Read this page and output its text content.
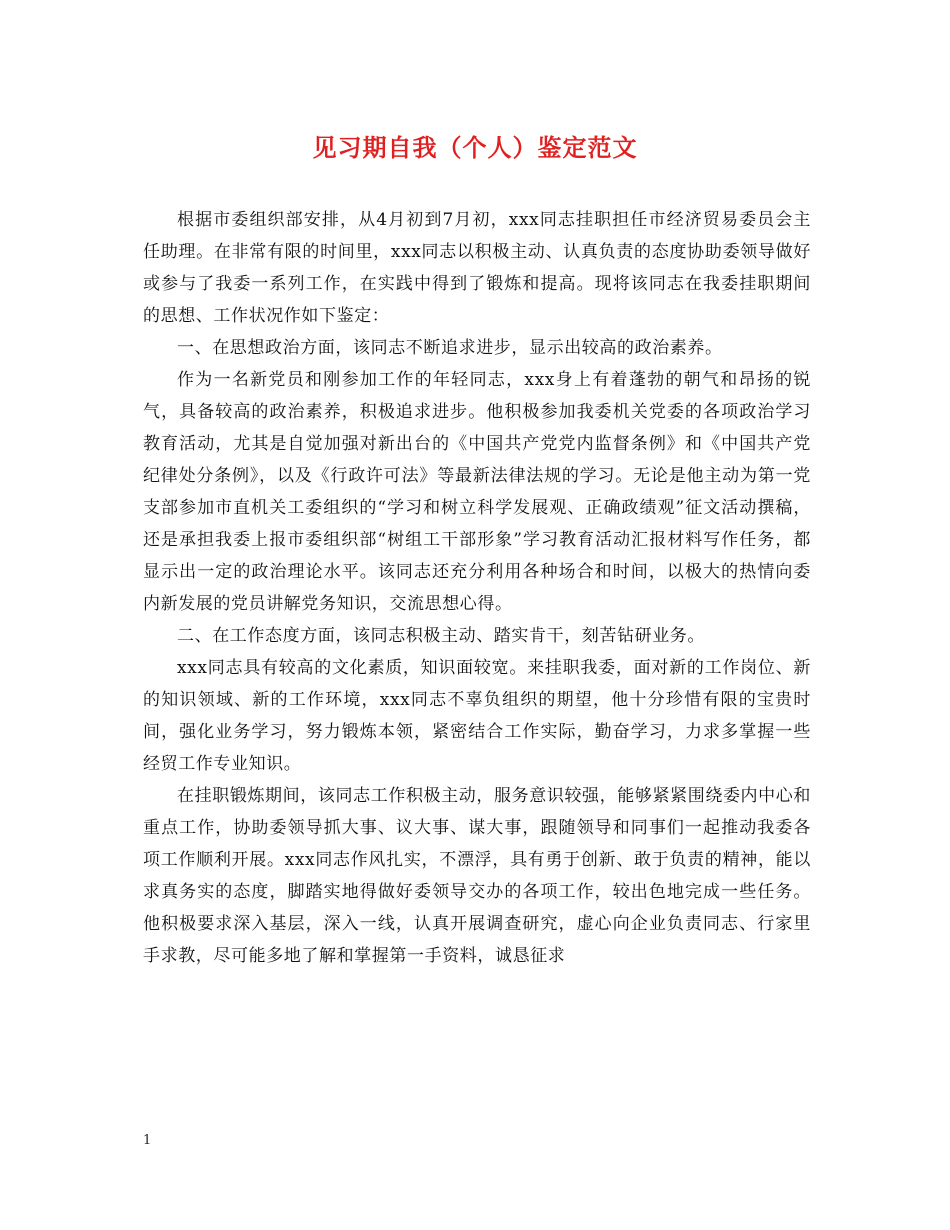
见习期自我（个人）鉴定范文

根据市委组织部安排，从4月初到7月初，xxx同志挂职担任市经济贸易委员会主任助理。在非常有限的时间里，xxx同志以积极主动、认真负责的态度协助委领导做好或参与了我委一系列工作，在实践中得到了锻炼和提高。现将该同志在我委挂职期间的思想、工作状况作如下鉴定：

一、在思想政治方面，该同志不断追求进步，显示出较高的政治素养。

作为一名新党员和刚参加工作的年轻同志，xxx身上有着蓬勃的朝气和昂扬的锐气，具备较高的政治素养，积极追求进步。他积极参加我委机关党委的各项政治学习教育活动，尤其是自觉加强对新出台的《中国共产党党内监督条例》和《中国共产党纪律处分条例》，以及《行政许可法》等最新法律法规的学习。无论是他主动为第一党支部参加市直机关工委组织的“学习和树立科学发展观、正确政绩观”征文活动撰稿，还是承担我委上报市委组织部“树组工干部形象”学习教育活动汇报材料写作任务，都显示出一定的政治理论水平。该同志还充分利用各种场合和时间，以极大的热情向委内新发展的党员讲解党务知识，交流思想心得。

二、在工作态度方面，该同志积极主动、踏实肯干，刻苦钻研业务。

xxx同志具有较高的文化素质，知识面较宽。来挂职我委，面对新的工作岗位、新的知识领域、新的工作环境，xxx同志不辜负组织的期望，他十分珍惜有限的宝贵时间，强化业务学习，努力锻炼本领，紧密结合工作实际，勤奋学习，力求多掌握一些经贸工作专业知识。

在挂职锻炼期间，该同志工作积极主动，服务意识较强，能够紧紧围绕委内中心和重点工作，协助委领导抓大事、议大事、谋大事，跟随领导和同事们一起推动我委各项工作顺利开展。xxx同志作风扎实，不漂浮，具有勇于创新、敢于负责的精神，能以求真务实的态度，脚踏实地得做好委领导交办的各项工作，较出色地完成一些任务。他积极要求深入基层，深入一线，认真开展调查研究，虚心向企业负责同志、行家里手求教，尽可能多地了解和掌握第一手资料，诚恳征求

1
